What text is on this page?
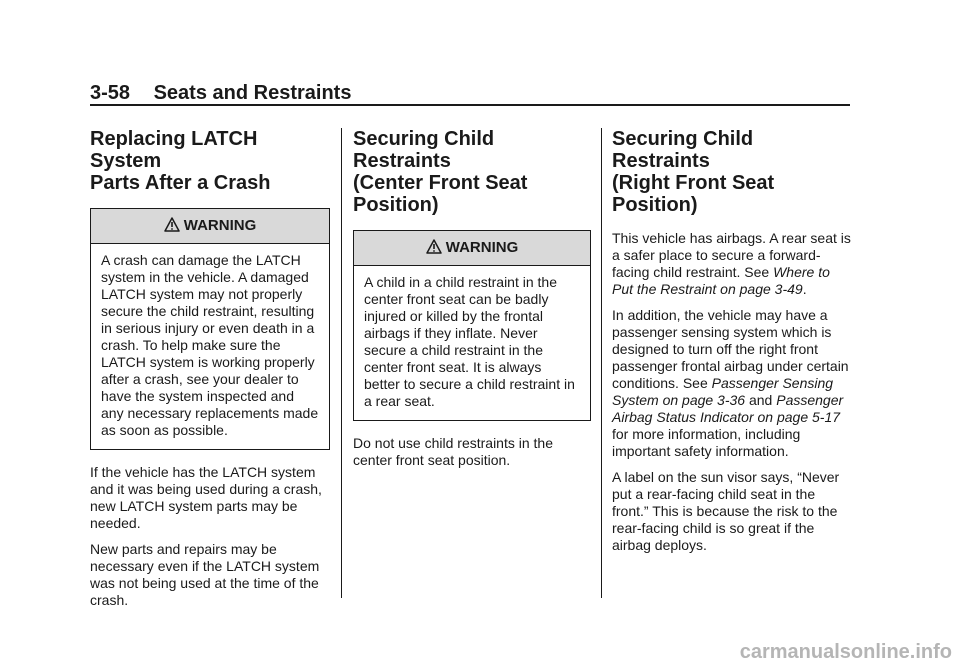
3-58 Seats and Restraints
Replacing LATCH System
Parts After a Crash
WARNING
A crash can damage the LATCH system in the vehicle. A damaged LATCH system may not properly secure the child restraint, resulting in serious injury or even death in a crash. To help make sure the LATCH system is working properly after a crash, see your dealer to have the system inspected and any necessary replacements made as soon as possible.

If the vehicle has the LATCH system and it was being used during a crash, new LATCH system parts may be needed.

New parts and repairs may be necessary even if the LATCH system was not being used at the time of the crash.

Securing Child Restraints
(Center Front Seat
Position)
WARNING
A child in a child restraint in the center front seat can be badly injured or killed by the frontal airbags if they inflate. Never secure a child restraint in the center front seat. It is always better to secure a child restraint in a rear seat.

Do not use child restraints in the center front seat position.

Securing Child Restraints
(Right Front Seat
Position)

This vehicle has airbags. A rear seat is a safer place to secure a forward-facing child restraint. See Where to Put the Restraint on page 3-49.

In addition, the vehicle may have a passenger sensing system which is designed to turn off the right front passenger frontal airbag under certain conditions. See Passenger Sensing System on page 3-36 and Passenger Airbag Status Indicator on page 5-17 for more information, including important safety information.

A label on the sun visor says, “Never put a rear-facing child seat in the front.” This is because the risk to the rear-facing child is so great if the airbag deploys.

carmanualsonline.info
